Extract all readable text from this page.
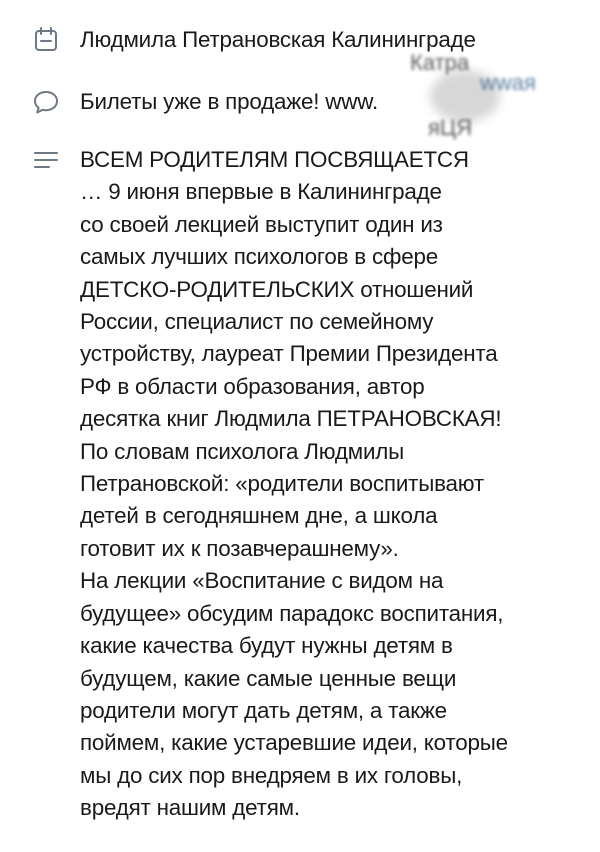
Людмила Петрановская Калининграде
Билеты уже в продаже! www.
Катра
wwaя
яЦЯ
ВСЕМ РОДИТЕЛЯМ ПОСВЯЩАЕТСЯ
… 9 июня впервые в Калининграде
со своей лекцией выступит один из
самых лучших психологов в сфере
ДЕТСКО-РОДИТЕЛЬСКИХ отношений
России, специалист по семейному
устройству, лауреат Премии Президента
РФ в области образования, автор
десятка книг Людмила ПЕТРАНОВСКАЯ!
По словам психолога Людмилы
Петрановской: «родители воспитывают
детей в сегодняшнем дне, а школа
готовит их к позавчерашнему».
На лекции «Воспитание с видом на
будущее» обсудим парадокс воспитания,
какие качества будут нужны детям в
будущем, какие самые ценные вещи
родители могут дать детям, а также
поймем, какие устаревшие идеи, которые
мы до сих пор внедряем в их головы,
вредят нашим детям.
